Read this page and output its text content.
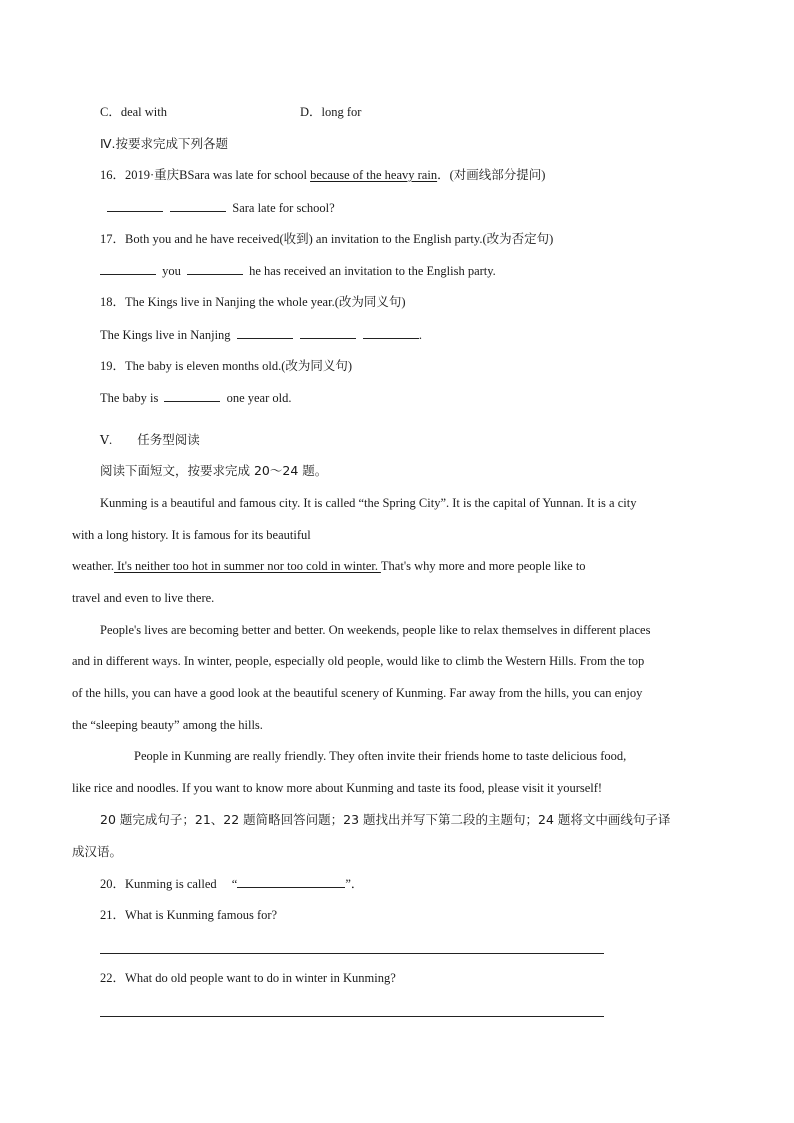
C．deal with	D．long for
Ⅳ.按要求完成下列各题
16．2019·重庆BSara was late for school because of the heavy rain．(对画线部分提问)
Sara late for school?
17．Both you and he have received(收到) an invitation to the English party.(改为否定句)
you	he has received an invitation to the English party.
18．The Kings live in Nanjing the whole year.(改为同义句)
The Kings live in Nanjing	.
19．The baby is eleven months old.(改为同义句)
The baby is	one year old.
Ⅴ. 任务型阅读
阅读下面短文，按要求完成 20～24 题。
Kunming is a beautiful and famous city. It is called “the Spring City”. It is the capital of Yunnan. It is a city
with a long history. It is famous for its beautiful
weather. It's neither too hot in summer nor too cold in winter. That's why more and more people like to
travel and even to live there.
People's lives are becoming better and better. On weekends, people like to relax themselves in different places
and in different ways. In winter, people, especially old people, would like to climb the Western Hills. From the top
of the hills, you can have a good look at the beautiful scenery of Kunming. Far away from the hills, you can enjoy
the “sleeping beauty” among the hills.
People in Kunming are really friendly. They often invite their friends home to taste delicious food,
like rice and noodles. If you want to know more about Kunming and taste its food, please visit it yourself!
20 题完成句子；21、22 题简略回答问题；23 题找出并写下第二段的主题句；24 题将文中画线句子译
成汉语。
20．Kunming is called “	”．
21．What is Kunming famous for?
22．What do old people want to do in winter in Kunming?
